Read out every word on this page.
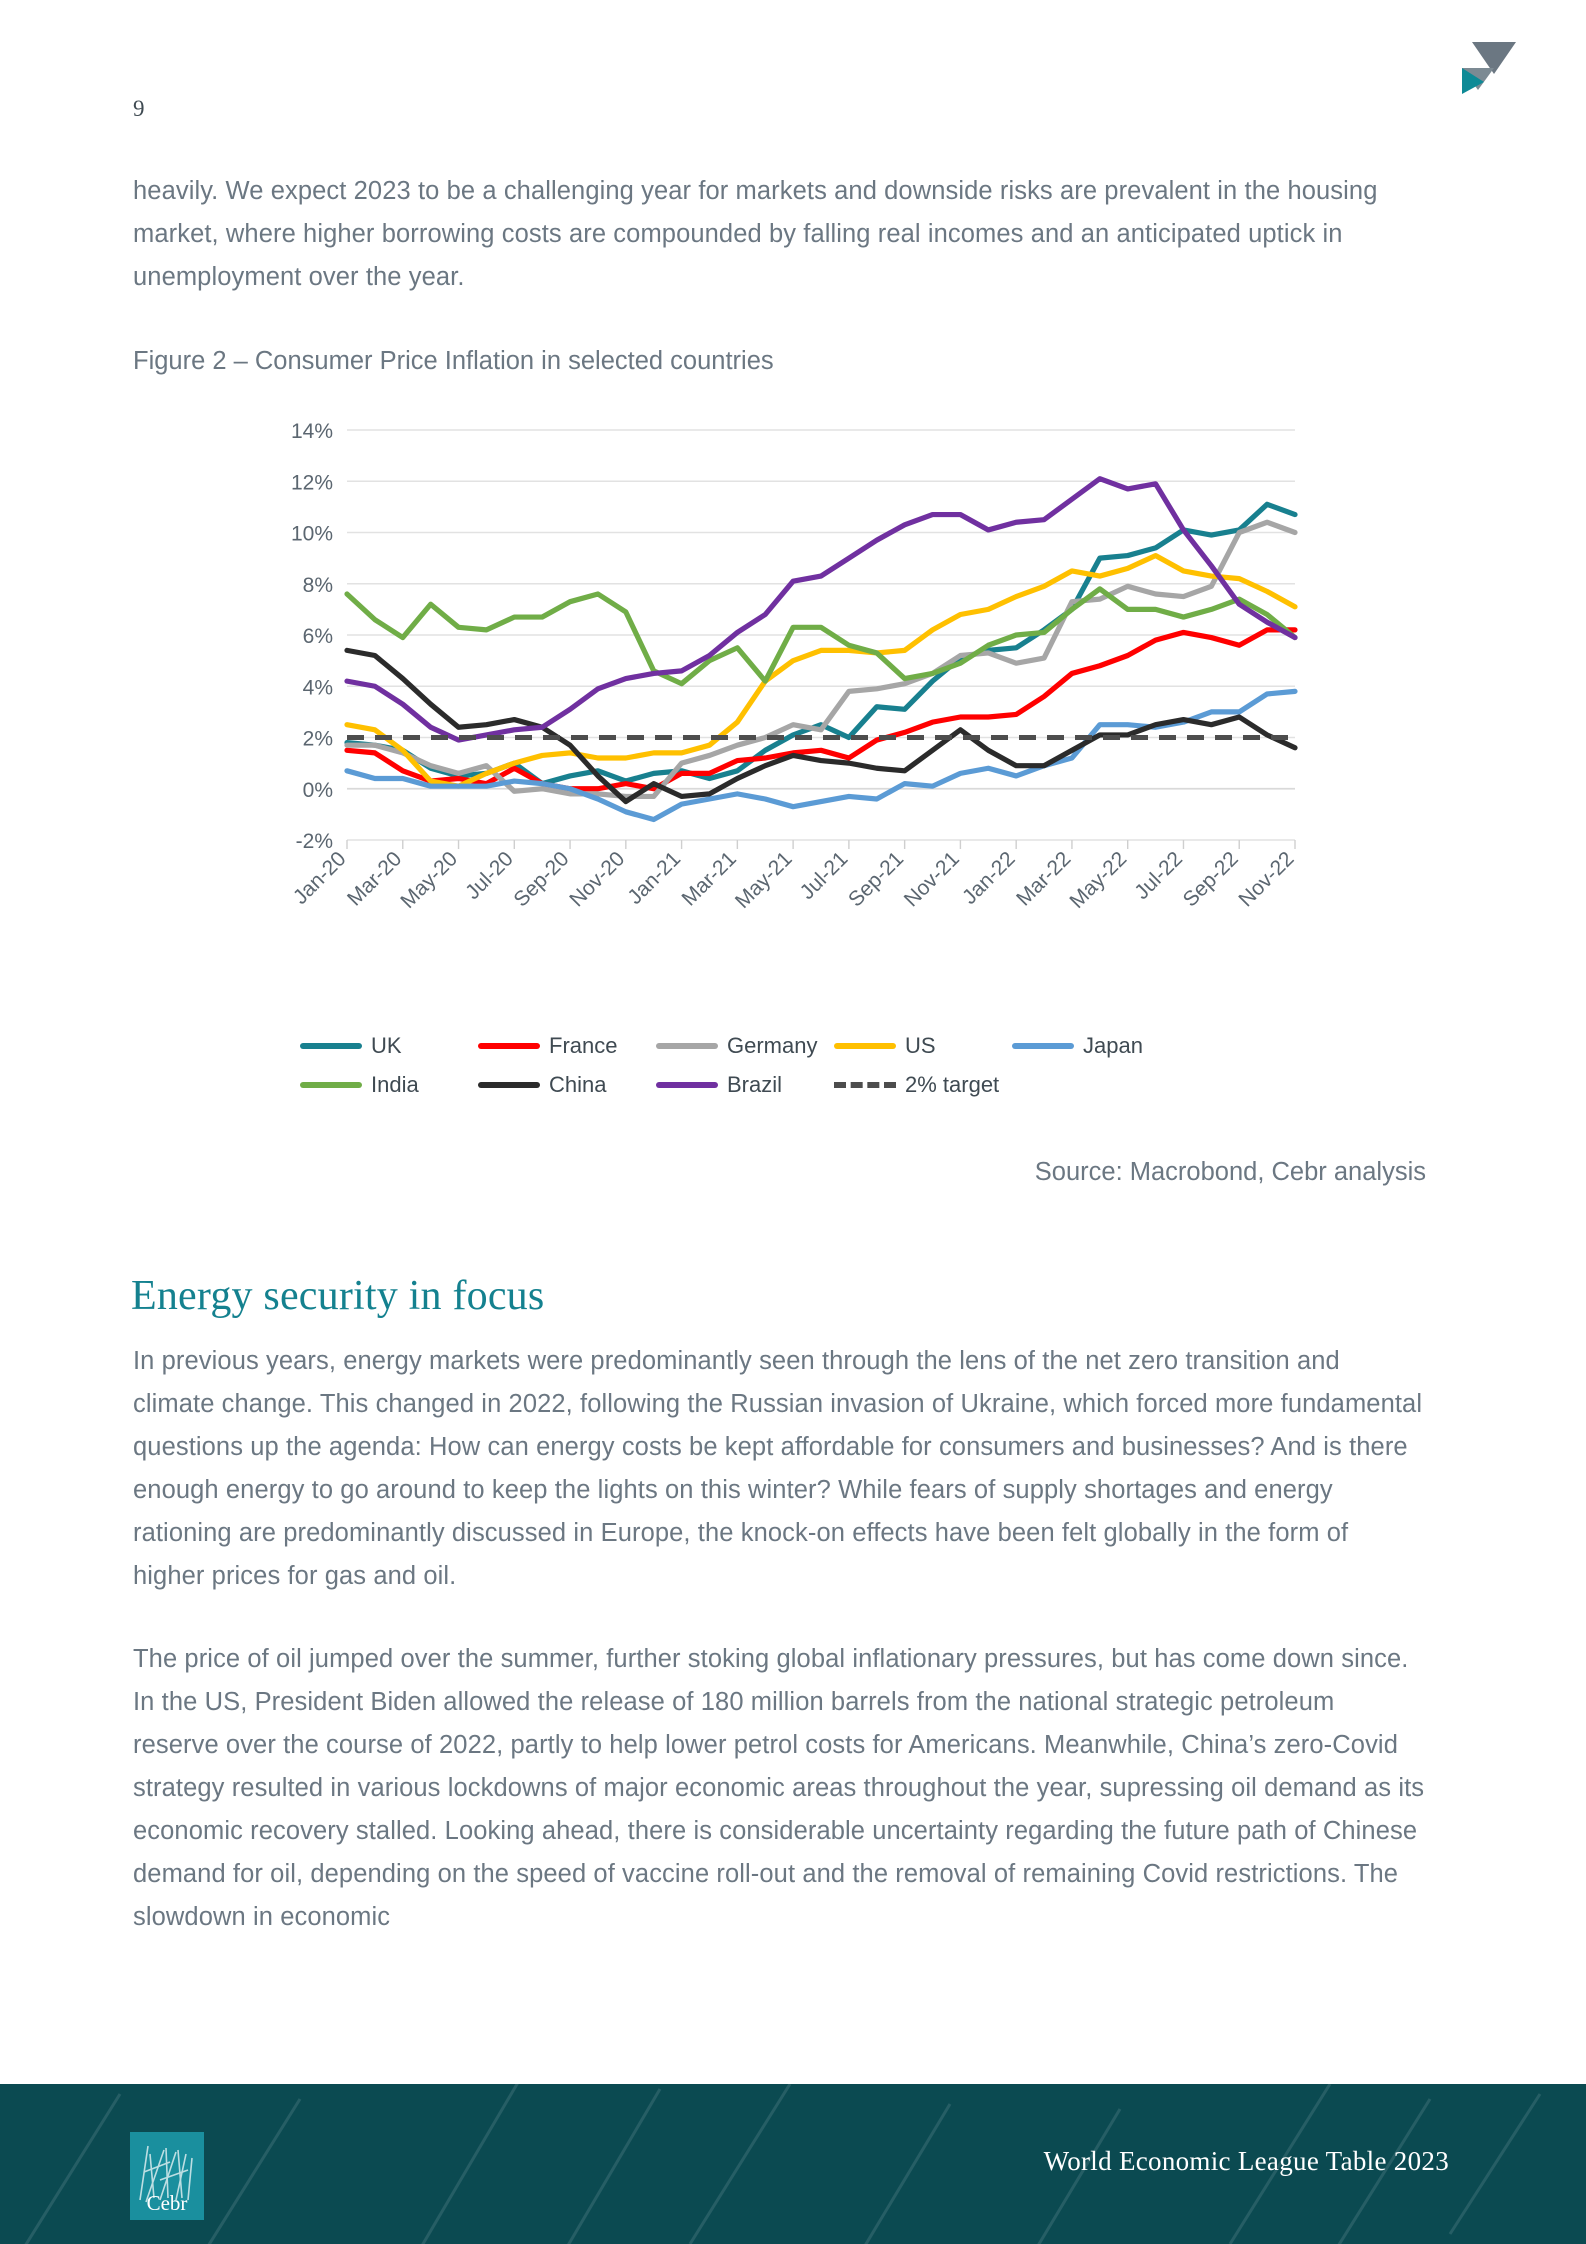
9
heavily. We expect 2023 to be a challenging year for markets and downside risks are prevalent in the housing market, where higher borrowing costs are compounded by falling real incomes and an anticipated uptick in unemployment over the year.
Figure 2 – Consumer Price Inflation in selected countries
-2%
0%
2%
4%
6%
8%
10%
12%
14%
Jan-20
Mar-20
May-20 Jul-20
Sep-20
Nov-20
Jan-21
Mar-21
May-21 Jul-21
Sep-21
Nov-21
Jan-22
Mar-22
May-22 Jul-22
Sep-22
Nov-22
UK	France	Germany	US	Japan
India	China	Brazil	2% target
Source: Macrobond, Cebr analysis
Energy security in focus
In previous years, energy markets were predominantly seen through the lens of the net zero transition and climate change. This changed in 2022, following the Russian invasion of Ukraine, which forced more fundamental questions up the agenda: How can energy costs be kept affordable for consumers and businesses? And is there enough energy to go around to keep the lights on this winter? While fears of supply shortages and energy rationing are predominantly discussed in Europe, the knock-on effects have been felt globally in the form of higher prices for gas and oil.
The price of oil jumped over the summer, further stoking global inflationary pressures, but has come down since. In the US, President Biden allowed the release of 180 million barrels from the national strategic petroleum reserve over the course of 2022, partly to help lower petrol costs for Americans. Meanwhile, China’s zero-Covid strategy resulted in various lockdowns of major economic areas throughout the year, supressing oil demand as its economic recovery stalled. Looking ahead, there is considerable uncertainty regarding the future path of Chinese demand for oil, depending on the speed of vaccine roll-out and the removal of remaining Covid restrictions. The slowdown in economic
Cebr
World Economic League Table 2023
